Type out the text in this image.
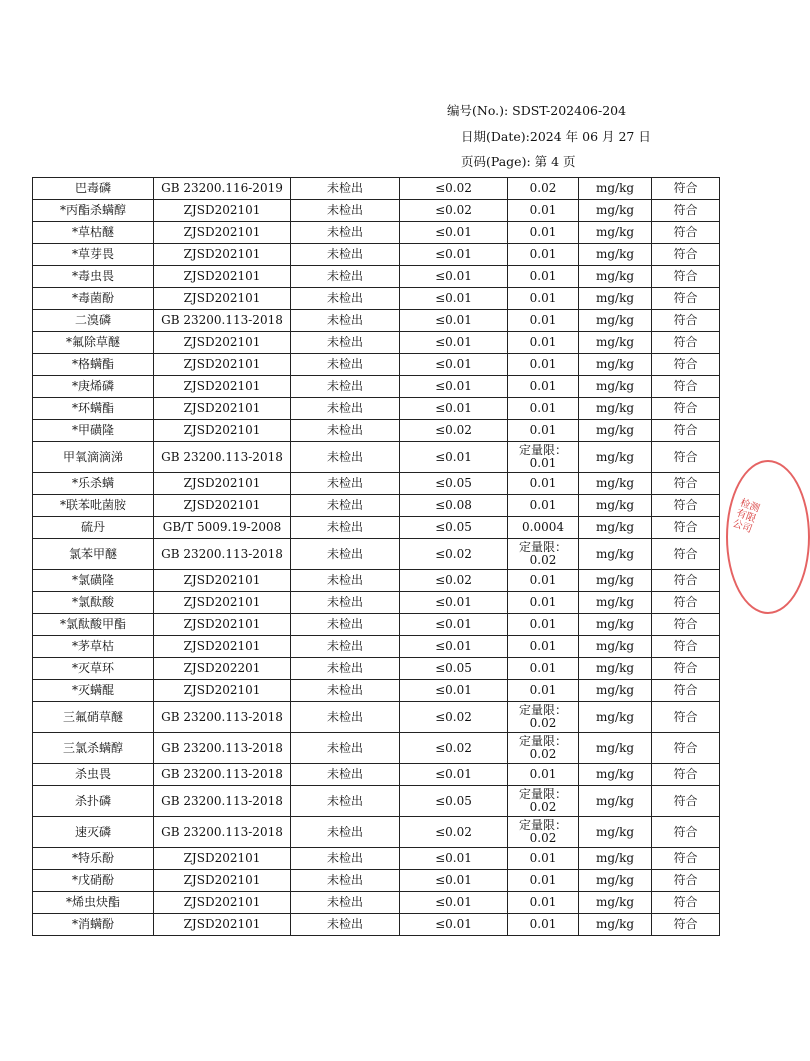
编号(No.): SDST-202406-204
日期(Date):2024 年 06 月 27 日
页码(Page): 第 4 页
巴毒磷	GB 23200.116-2019	未检出	≤0.02	0.02	mg/kg	符合
*丙酯杀螨醇	ZJSD202101	未检出	≤0.02	0.01	mg/kg	符合
*草枯醚	ZJSD202101	未检出	≤0.01	0.01	mg/kg	符合
*草芽畏	ZJSD202101	未检出	≤0.01	0.01	mg/kg	符合
*毒虫畏	ZJSD202101	未检出	≤0.01	0.01	mg/kg	符合
*毒菌酚	ZJSD202101	未检出	≤0.01	0.01	mg/kg	符合
二溴磷	GB 23200.113-2018	未检出	≤0.01	0.01	mg/kg	符合
*氟除草醚	ZJSD202101	未检出	≤0.01	0.01	mg/kg	符合
*格螨酯	ZJSD202101	未检出	≤0.01	0.01	mg/kg	符合
*庚烯磷	ZJSD202101	未检出	≤0.01	0.01	mg/kg	符合
*环螨酯	ZJSD202101	未检出	≤0.01	0.01	mg/kg	符合
*甲磺隆	ZJSD202101	未检出	≤0.02	0.01	mg/kg	符合
甲氧滴滴涕	GB 23200.113-2018	未检出	≤0.01	定量限：
0.01	mg/kg	符合
*乐杀螨	ZJSD202101	未检出	≤0.05	0.01	mg/kg	符合
*联苯吡菌胺	ZJSD202101	未检出	≤0.08	0.01	mg/kg	符合
硫丹	GB/T 5009.19-2008	未检出	≤0.05	0.0004	mg/kg	符合
氯苯甲醚	GB 23200.113-2018	未检出	≤0.02	定量限：
0.02	mg/kg	符合
*氯磺隆	ZJSD202101	未检出	≤0.02	0.01	mg/kg	符合
*氯酞酸	ZJSD202101	未检出	≤0.01	0.01	mg/kg	符合
*氯酞酸甲酯	ZJSD202101	未检出	≤0.01	0.01	mg/kg	符合
*茅草枯	ZJSD202101	未检出	≤0.01	0.01	mg/kg	符合
*灭草环	ZJSD202201	未检出	≤0.05	0.01	mg/kg	符合
*灭螨醌	ZJSD202101	未检出	≤0.01	0.01	mg/kg	符合
三氟硝草醚	GB 23200.113-2018	未检出	≤0.02	定量限：
0.02	mg/kg	符合
三氯杀螨醇	GB 23200.113-2018	未检出	≤0.02	定量限：
0.02	mg/kg	符合
杀虫畏	GB 23200.113-2018	未检出	≤0.01	0.01	mg/kg	符合
杀扑磷	GB 23200.113-2018	未检出	≤0.05	定量限：
0.02	mg/kg	符合
速灭磷	GB 23200.113-2018	未检出	≤0.02	定量限：
0.02	mg/kg	符合
*特乐酚	ZJSD202101	未检出	≤0.01	0.01	mg/kg	符合
*戊硝酚	ZJSD202101	未检出	≤0.01	0.01	mg/kg	符合
*烯虫炔酯	ZJSD202101	未检出	≤0.01	0.01	mg/kg	符合
*消螨酚	ZJSD202101	未检出	≤0.01	0.01	mg/kg	符合
检测有限公司
